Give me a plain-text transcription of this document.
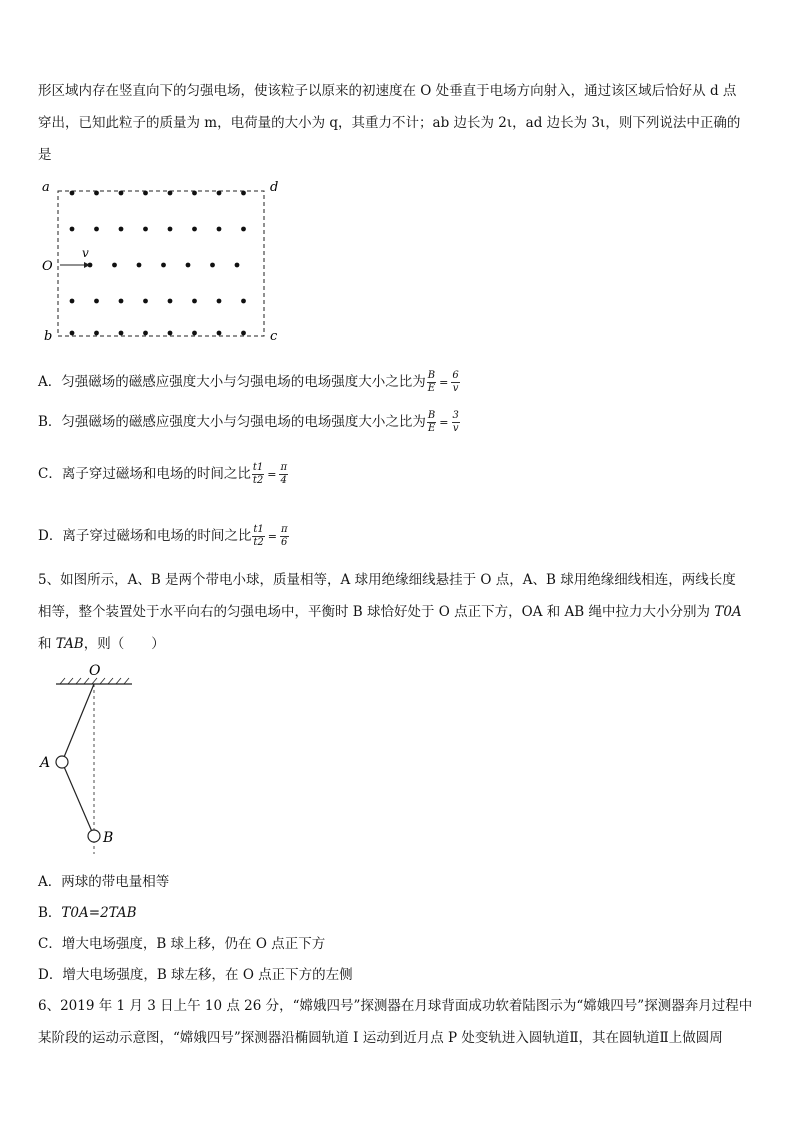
形区域内存在竖直向下的匀强电场，使该粒子以原来的初速度在 O 处垂直于电场方向射入，通过该区域后恰好从 d 点
穿出，已知此粒子的质量为 m，电荷量的大小为 q，其重力不计；ab 边长为 2ι，ad 边长为 3ι，则下列说法中正确的
是
a	d
O
v
b	c
A．匀强磁场的磁感应强度大小与匀强电场的电场强度大小之比为 $\frac{B}{E} = \frac{6}{v}$
B．匀强磁场的磁感应强度大小与匀强电场的电场强度大小之比为 $\frac{B}{E} = \frac{3}{v}$
C．离子穿过磁场和电场的时间之比 $\frac{t1}{t2} = \frac{\pi}{4}$
D．离子穿过磁场和电场的时间之比 $\frac{t1}{t2} = \frac{\pi}{6}$
5、如图所示，A、B 是两个带电小球，质量相等，A 球用绝缘细线悬挂于 O 点，A、B 球用绝缘细线相连，两线长度
相等，整个装置处于水平向右的匀强电场中，平衡时 B 球恰好处于 O 点正下方，OA 和 AB 绳中拉力大小分别为 T0A
和 TAB，则（　　）
O
A
B
A．两球的带电量相等
B．T0A=2TAB
C．增大电场强度，B 球上移，仍在 O 点正下方
D．增大电场强度，B 球左移，在 O 点正下方的左侧
6、2019 年 1 月 3 日上午 10 点 26 分，“嫦娥四号”探测器在月球背面成功软着陆图示为“嫦娥四号”探测器奔月过程中
某阶段的运动示意图，“嫦娥四号”探测器沿椭圆轨道 I 运动到近月点 P 处变轨进入圆轨道Ⅱ，其在圆轨道Ⅱ上做圆周
